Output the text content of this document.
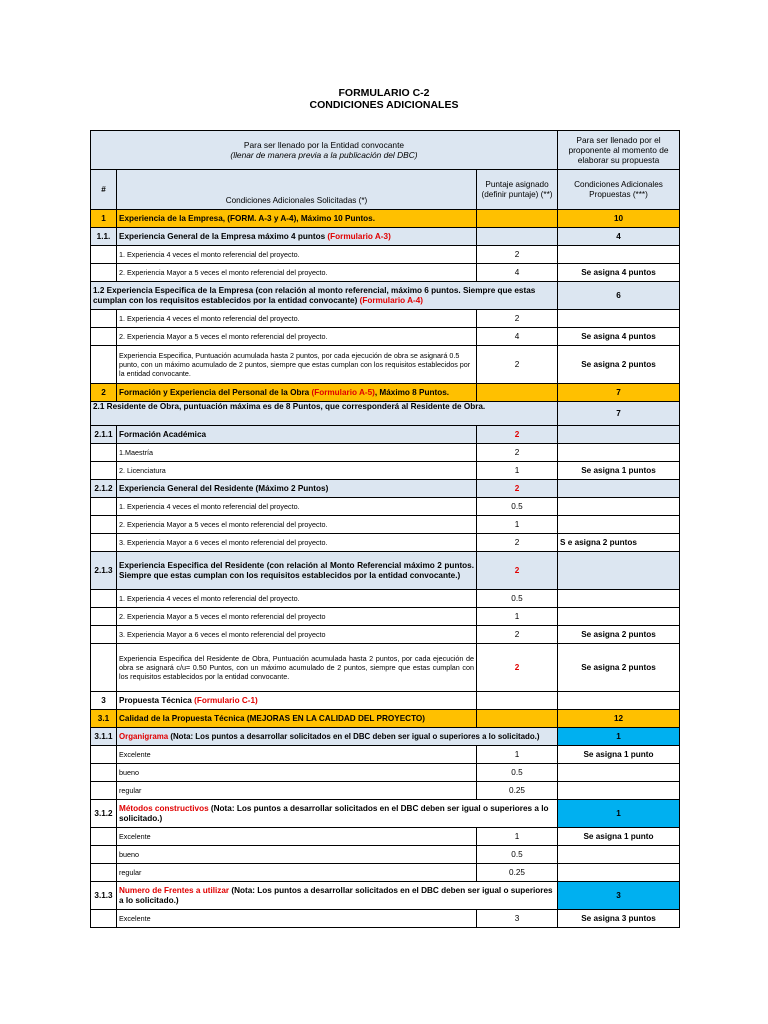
FORMULARIO C-2
CONDICIONES ADICIONALES
Para ser llenado por la Entidad convocante
(llenar de manera previa a la publicación del DBC)			Para ser llenado por el proponente al momento de elaborar su propuesta
#	Condiciones Adicionales Solicitadas (*)	Puntaje asignado (definir puntaje) (**)	Condiciones Adicionales Propuestas (***)
1	Experiencia de la Empresa, (FORM. A-3 y A-4), Máximo 10 Puntos.		10
1.1.	Experiencia General de la Empresa máximo 4 puntos (Formulario A-3)		4
	1. Experiencia 4 veces el monto referencial del proyecto.	2	
	2. Experiencia Mayor a 5 veces el monto referencial del proyecto.	4	Se asigna 4 puntos
1.2 Experiencia Especifica de la Empresa (con relación al monto referencial, máximo 6 puntos. Siempre que estas cumplan con los requisitos establecidos por la entidad convocante) (Formulario A-4)			6
	1. Experiencia 4 veces el monto referencial del proyecto.	2	
	2. Experiencia Mayor a 5 veces el monto referencial del proyecto.	4	Se asigna 4 puntos
	Experiencia Especifica, Puntuación acumulada hasta 2 puntos, por cada ejecución de obra se asignará 0.5 punto, con un máximo acumulado de 2 puntos, siempre que estas cumplan con los requisitos establecidos por la entidad convocante.	2	Se asigna 2 puntos
2	Formación y Experiencia del Personal de la Obra (Formulario A-5), Máximo 8 Puntos.		7
2.1 Residente de Obra, puntuación máxima es de 8 Puntos, que corresponderá al Residente de Obra.			7
2.1.1	Formación Académica	2	
	1.Maestría	2	
	2. Licenciatura	1	Se asigna 1 puntos
2.1.2	Experiencia General del Residente (Máximo 2 Puntos)	2	
	1. Experiencia 4 veces el monto referencial del proyecto.	0.5	
	2. Experiencia Mayor a 5 veces el monto referencial del proyecto.	1	
	3. Experiencia Mayor a 6 veces el monto referencial del proyecto.	2	S e asigna 2 puntos
2.1.3	Experiencia Especifica del Residente (con relación al Monto Referencial máximo 2 puntos. Siempre que estas cumplan con los requisitos establecidos por la entidad convocante.)	2	
	1. Experiencia 4 veces el monto referencial del proyecto.	0.5	
	2. Experiencia Mayor a 5 veces el monto referencial del proyecto	1	
	3. Experiencia Mayor a 6 veces el monto referencial del proyecto	2	Se asigna 2 puntos
	Experiencia Especifica del Residente de Obra, Puntuación acumulada hasta 2 puntos, por cada ejecución de obra se asignará c/u= 0.50 Puntos, con un máximo acumulado de 2 puntos, siempre que estas cumplan con los requisitos establecidos por la entidad convocante.	2	Se asigna 2 puntos
3	Propuesta Técnica (Formulario C-1)		
3.1	Calidad de la Propuesta Técnica (MEJORAS EN LA CALIDAD DEL PROYECTO)		12
3.1.1	Organigrama (Nota: Los puntos a desarrollar solicitados en el DBC deben ser igual o superiores a lo solicitado.)		1
	Excelente	1	Se asigna 1 punto
	bueno	0.5	
	regular	0.25	
3.1.2	Métodos constructivos (Nota: Los puntos a desarrollar solicitados en el DBC deben ser igual o superiores a lo solicitado.)		1
	Excelente	1	Se asigna 1 punto
	bueno	0.5	
	regular	0.25	
3.1.3	Numero de Frentes a utilizar (Nota: Los puntos a desarrollar solicitados en el DBC deben ser igual o superiores a lo solicitado.)		3
	Excelente	3	Se asigna 3 puntos
